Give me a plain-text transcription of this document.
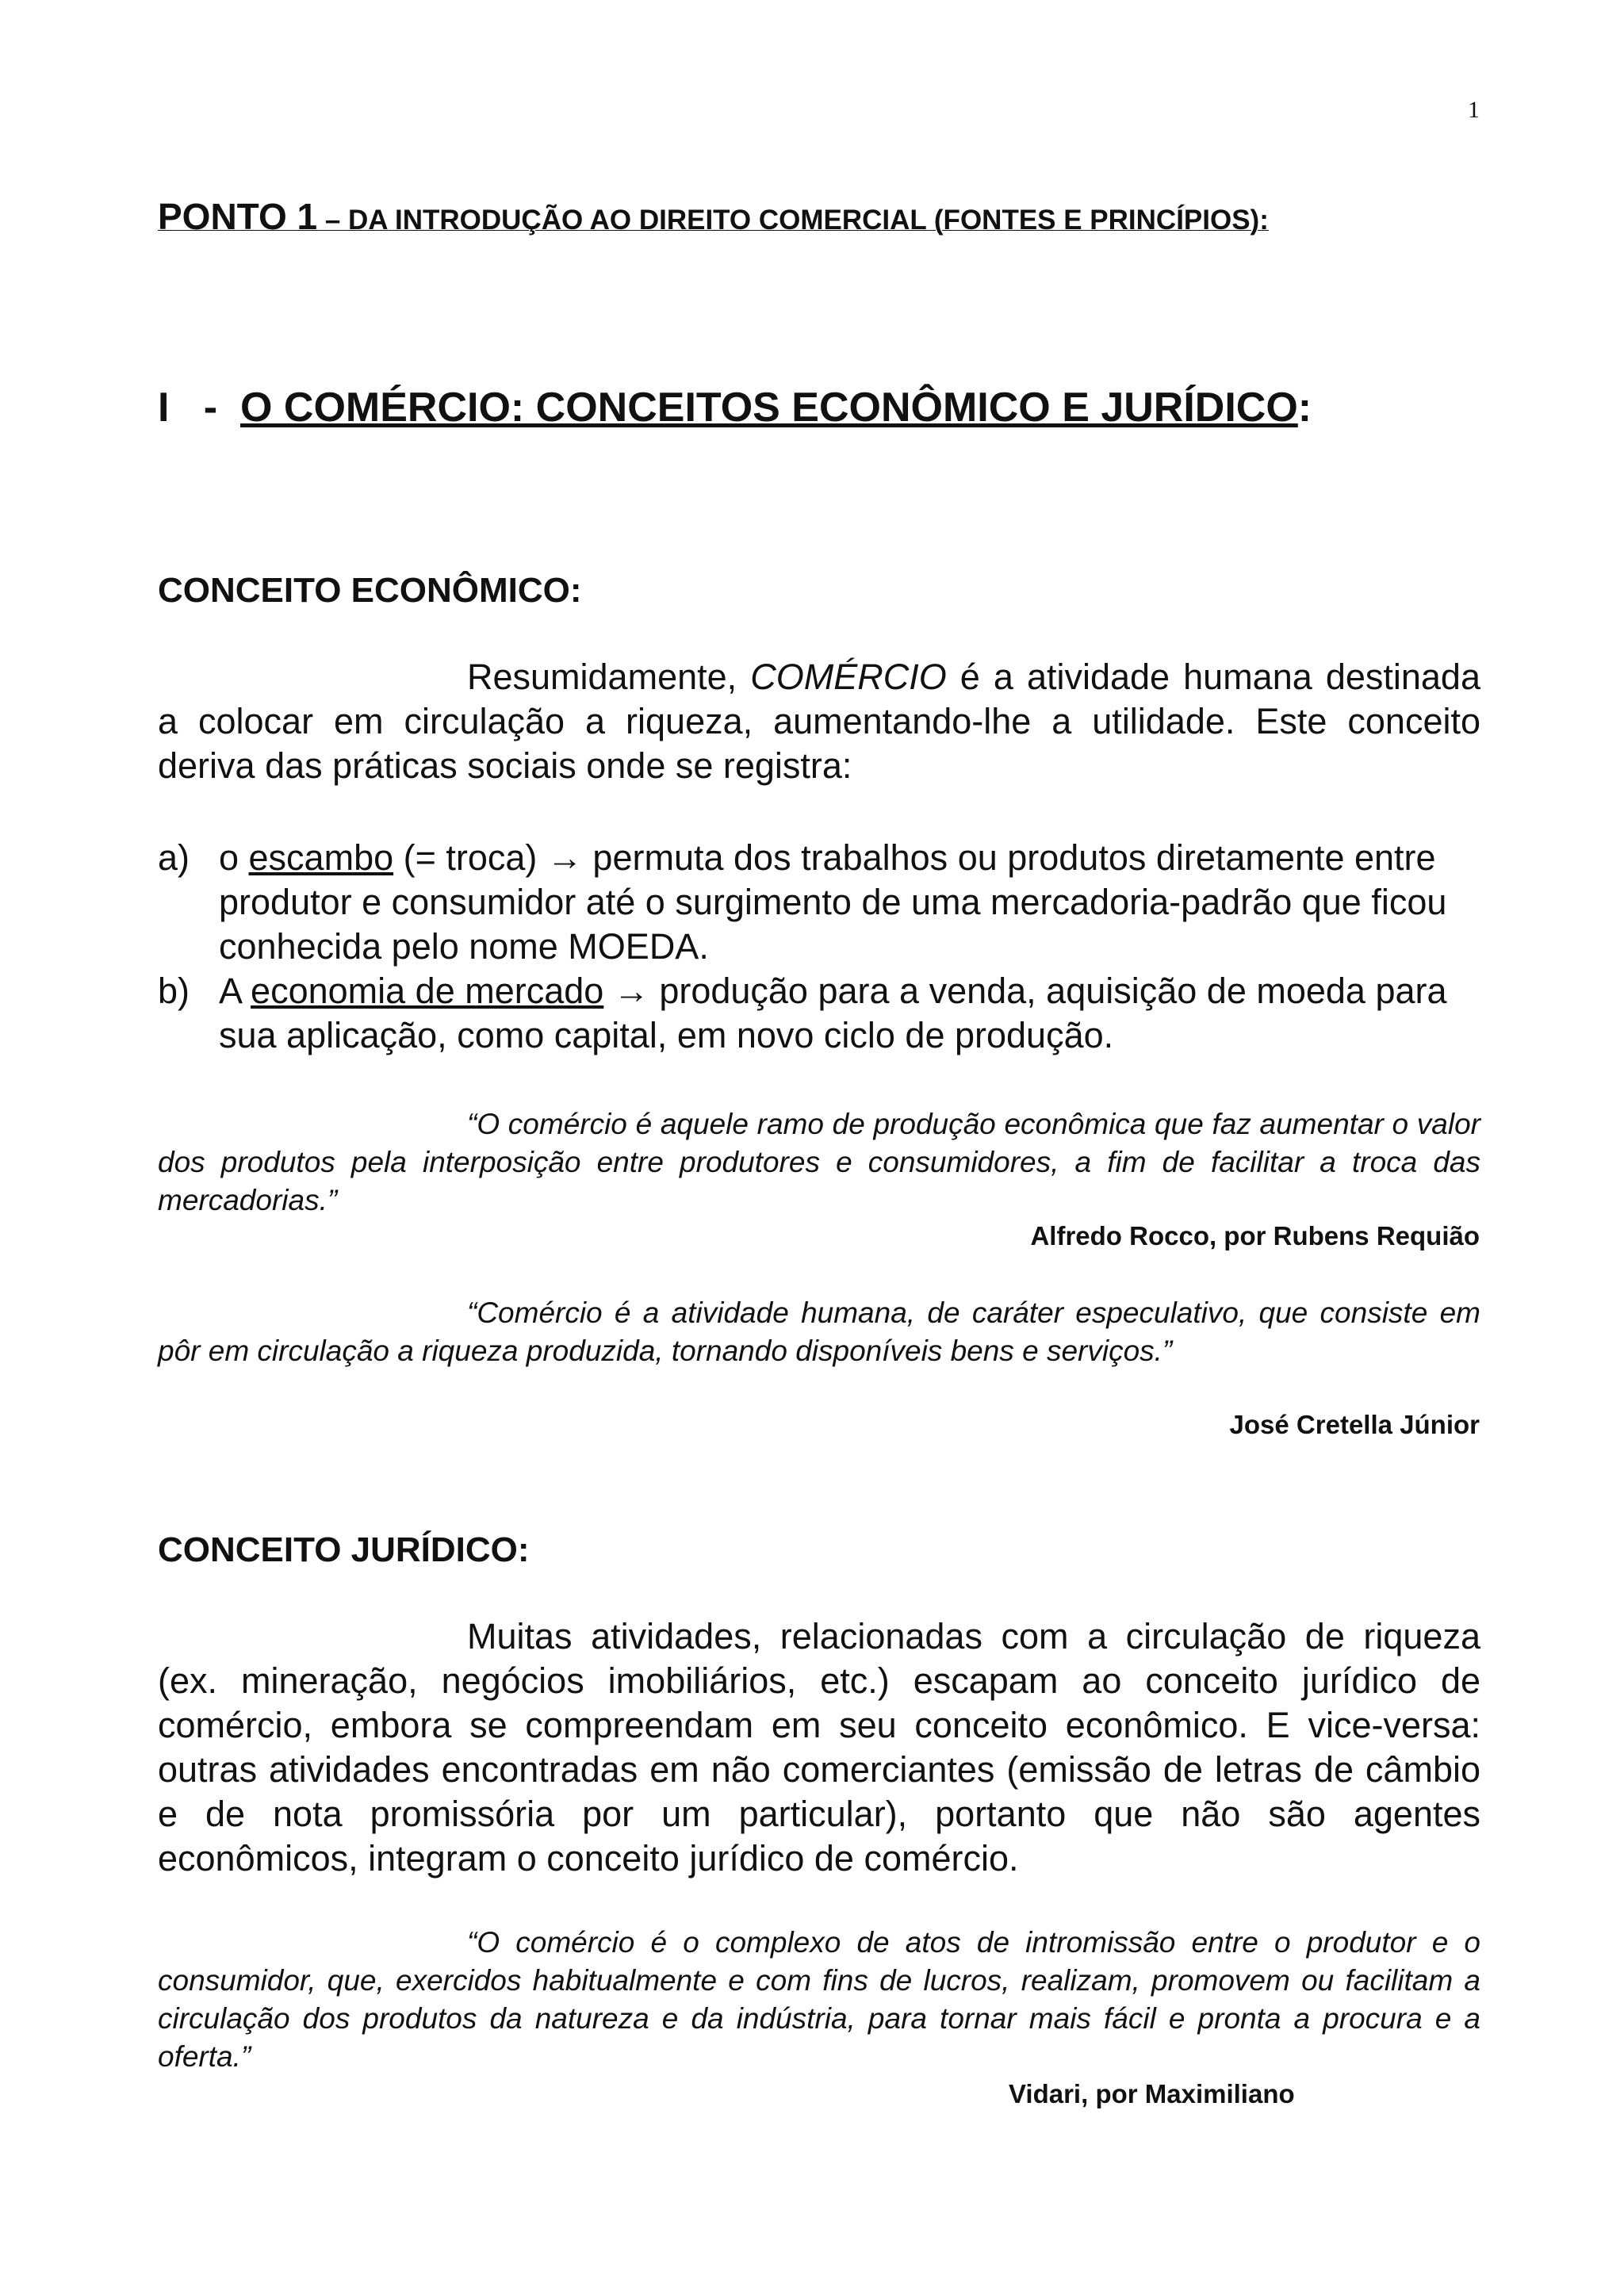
1
PONTO 1 – DA INTRODUÇÃO AO DIREITO COMERCIAL (FONTES E PRINCÍPIOS):
I   -  O COMÉRCIO: CONCEITOS ECONÔMICO E JURÍDICO:
CONCEITO ECONÔMICO:
Resumidamente, COMÉRCIO é a atividade humana destinada a colocar em circulação a riqueza, aumentando-lhe a utilidade. Este conceito deriva das práticas sociais onde se registra:
a) o escambo (= troca) → permuta dos trabalhos ou produtos diretamente entre produtor e consumidor até o surgimento de uma mercadoria-padrão que ficou conhecida pelo nome MOEDA.
b) A economia de mercado → produção para a venda, aquisição de moeda para sua aplicação, como capital, em novo ciclo de produção.
“O comércio é aquele ramo de produção econômica que faz aumentar o valor dos produtos pela interposição entre produtores e consumidores, a fim de facilitar a troca das mercadorias.”
Alfredo Rocco, por Rubens Requião
“Comércio é a atividade humana, de caráter especulativo, que consiste em pôr em circulação a riqueza produzida, tornando disponíveis bens e serviços.”
José Cretella Júnior
CONCEITO JURÍDICO:
Muitas atividades, relacionadas com a circulação de riqueza (ex. mineração, negócios imobiliários, etc.) escapam ao conceito jurídico de comércio, embora se compreendam em seu conceito econômico. E vice-versa: outras atividades encontradas em não comerciantes (emissão de letras de câmbio e de nota promissória por um particular), portanto que não são agentes econômicos, integram o conceito jurídico de comércio.
“O comércio é o complexo de atos de intromissão entre o produtor e o consumidor, que, exercidos habitualmente e com fins de lucros, realizam, promovem ou facilitam a circulação dos produtos da natureza e da indústria, para tornar mais fácil e pronta a procura e a oferta.”
Vidari, por Maximiliano
